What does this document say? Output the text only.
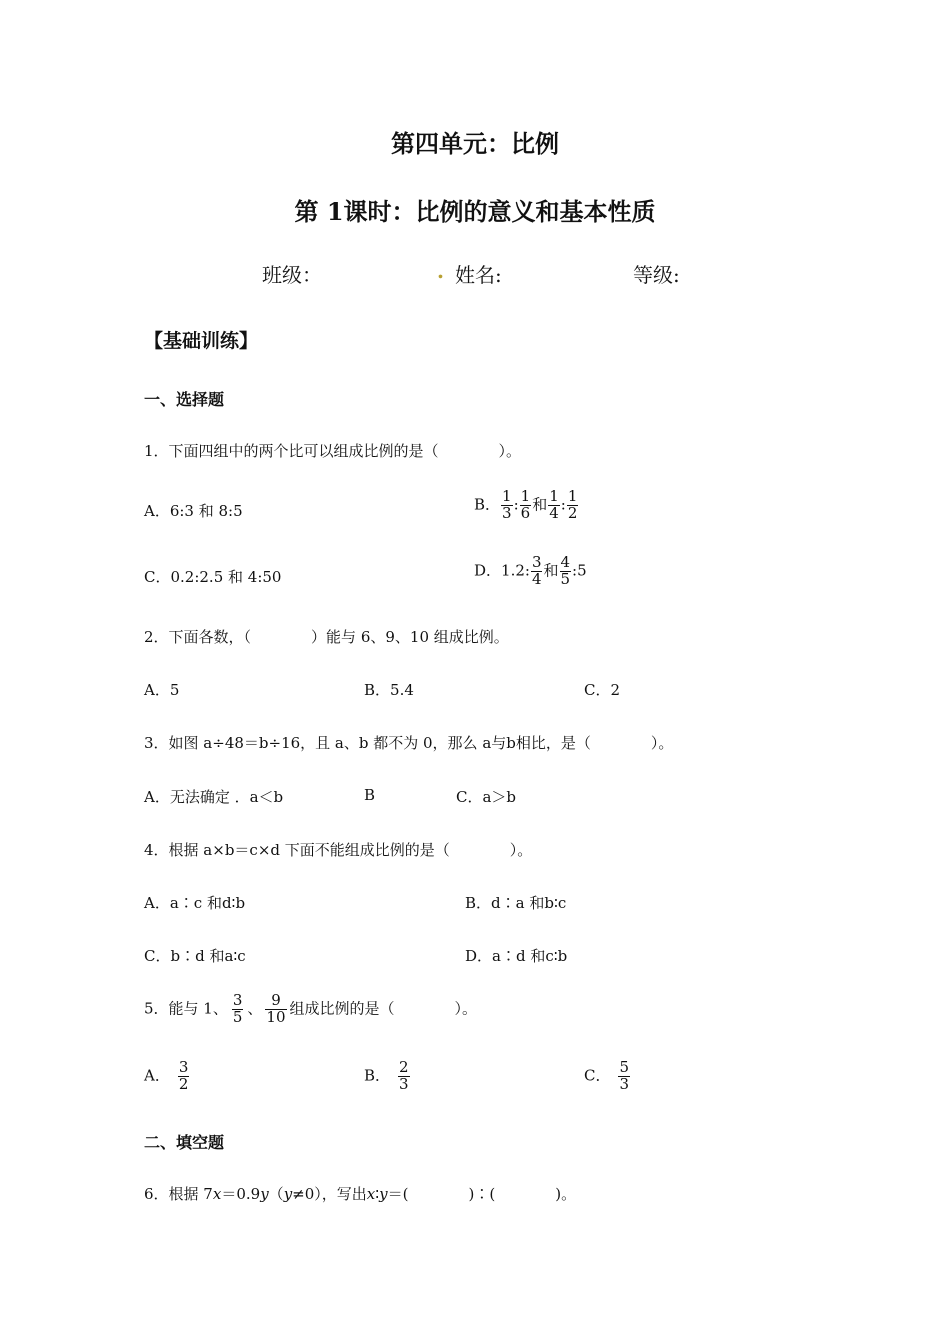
第四单元：比例
第 1课时：比例的意义和基本性质
班级：	. 姓名:	等级:
【基础训练】
一、选择题
1．下面四组中的两个比可以组成比例的是（　　　　）。
A．6:3 和 8:5	B． $\frac{1}{3}$ : $\frac{1}{6}$ 和 $\frac{1}{4}$ : $\frac{1}{2}$
C．0.2:2.5 和 4:50	D．1.2: $\frac{3}{4}$ 和 $\frac{4}{5}$ :5
2．下面各数，（　　　　）能与 6、9、10 组成比例。
A．5	B．5.4	C．2
3．如图 a÷48＝b÷16，且 a、b 都不为 0，那么 a与b相比，是（　　　　）。
A．无法确定 ．a＜b	B	C．a＞b
4．根据 a×b＝c×d 下面不能组成比例的是（　　　　）。
A．a∶c 和d∶b	B．d∶a 和b∶c
C．b∶d 和a∶c	D．a∶d 和c∶b
5．能与 1、 $\frac{3}{5}$ 、 $\frac{9}{10}$ 组成比例的是（　　　　）。
A． $\frac{3}{2}$	B． $\frac{2}{3}$	C． $\frac{5}{3}$
二、填空题
6．根据 7x＝0.9y（y≠0），写出x∶y＝(　　　　)∶(　　　　)。
